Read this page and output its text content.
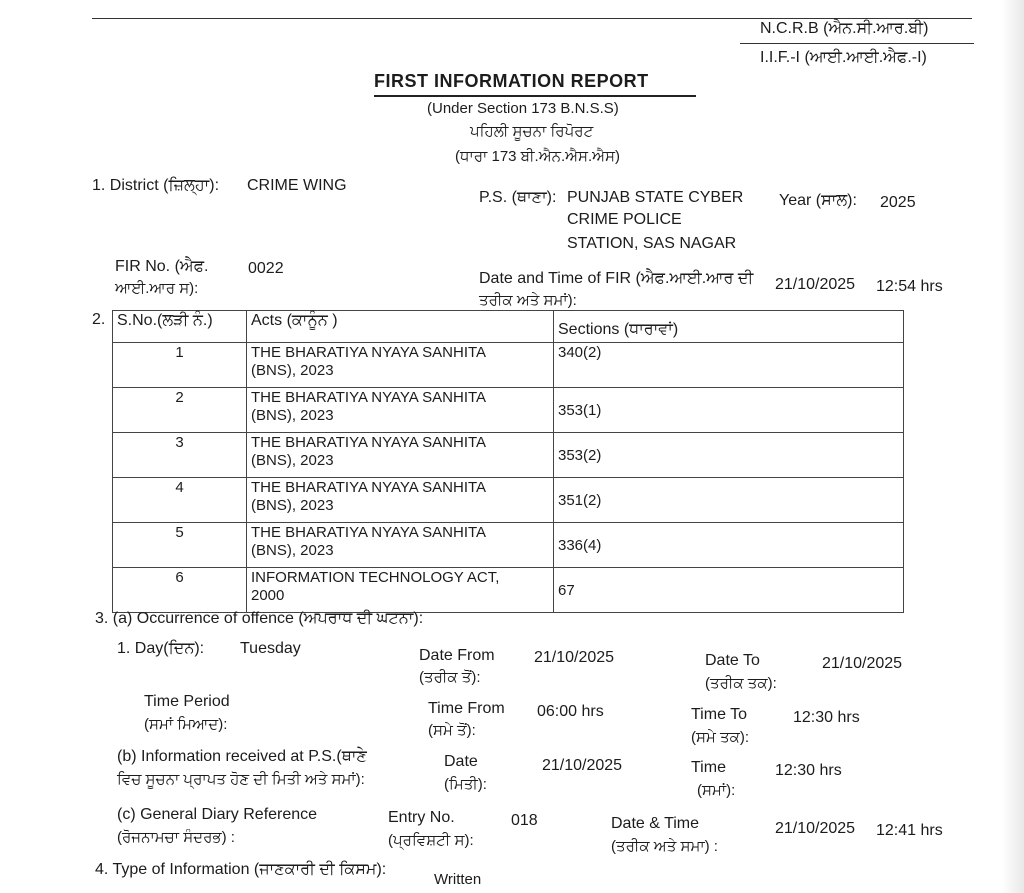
N.C.R.B (ਐਨ.ਸੀ.ਆਰ.ਬੀ)
I.I.F.-I (ਆਈ.ਆਈ.ਐਫ.-I)
FIRST INFORMATION REPORT
(Under Section 173 B.N.S.S)
ਪਹਿਲੀ ਸੂਚਨਾ ਰਿਪੋਰਟ
(ਧਾਰਾ 173 ਬੀ.ਐਨ.ਐਸ.ਐਸ)
1. District (ਜ਼ਿਲ੍ਹਾ): CRIME WING
P.S. (ਥਾਣਾ): PUNJAB STATE CYBER
CRIME POLICE
STATION, SAS NAGAR
Year (ਸਾਲ): 2025
FIR No. (ਐਫ.
ਆਈ.ਆਰ ਸ):
0022
Date and Time of FIR (ਐਫ.ਆਈ.ਆਰ ਦੀ
ਤਰੀਕ ਅਤੇ ਸਮਾਂ):
21/10/2025 12:54 hrs
2. S.No.(ਲੜੀ ਨੰ.)	Acts (ਕਾਨੂੰਨ )	Sections (ਧਾਰਾਵਾਂ)
1	THE BHARATIYA NYAYA SANHITA
(BNS), 2023	340(2)
2	THE BHARATIYA NYAYA SANHITA
(BNS), 2023	353(1)
3	THE BHARATIYA NYAYA SANHITA
(BNS), 2023	353(2)
4	THE BHARATIYA NYAYA SANHITA
(BNS), 2023	351(2)
5	THE BHARATIYA NYAYA SANHITA
(BNS), 2023	336(4)
6	INFORMATION TECHNOLOGY ACT,
2000	67
3. (a) Occurrence of offence (ਅਪਰਾਧ ਦੀ ਘਟਨਾ):
1. Day(ਦਿਨ): Tuesday	Date From
(ਤਰੀਕ ਤੋਂ):
21/10/2025	Date To
(ਤਰੀਕ ਤਕ):
21/10/2025
Time Period
(ਸਮਾਂ ਮਿਆਦ):
Time From
(ਸਮੇ ਤੋਂ):
06:00 hrs	Time To
(ਸਮੇ ਤਕ):
12:30 hrs
(b) Information received at P.S.(ਥਾਣੇ
ਵਿਚ ਸੂਚਨਾ ਪ੍ਰਾਪਤ ਹੋਣ ਦੀ ਮਿਤੀ ਅਤੇ ਸਮਾਂ):
Date
(ਮਿਤੀ):
21/10/2025	Time
(ਸਮਾਂ):
12:30 hrs
(c) General Diary Reference
(ਰੋਜਨਾਮਚਾ ਸੰਦਰਭ) :
Entry No.
(ਪ੍ਰਵਿਸ਼ਟੀ ਸ):
018	Date & Time
(ਤਰੀਕ ਅਤੇ ਸਮਾ) :
21/10/2025 12:41 hrs
4. Type of Information (ਜਾਣਕਾਰੀ ਦੀ ਕਿਸਮ):
Written
